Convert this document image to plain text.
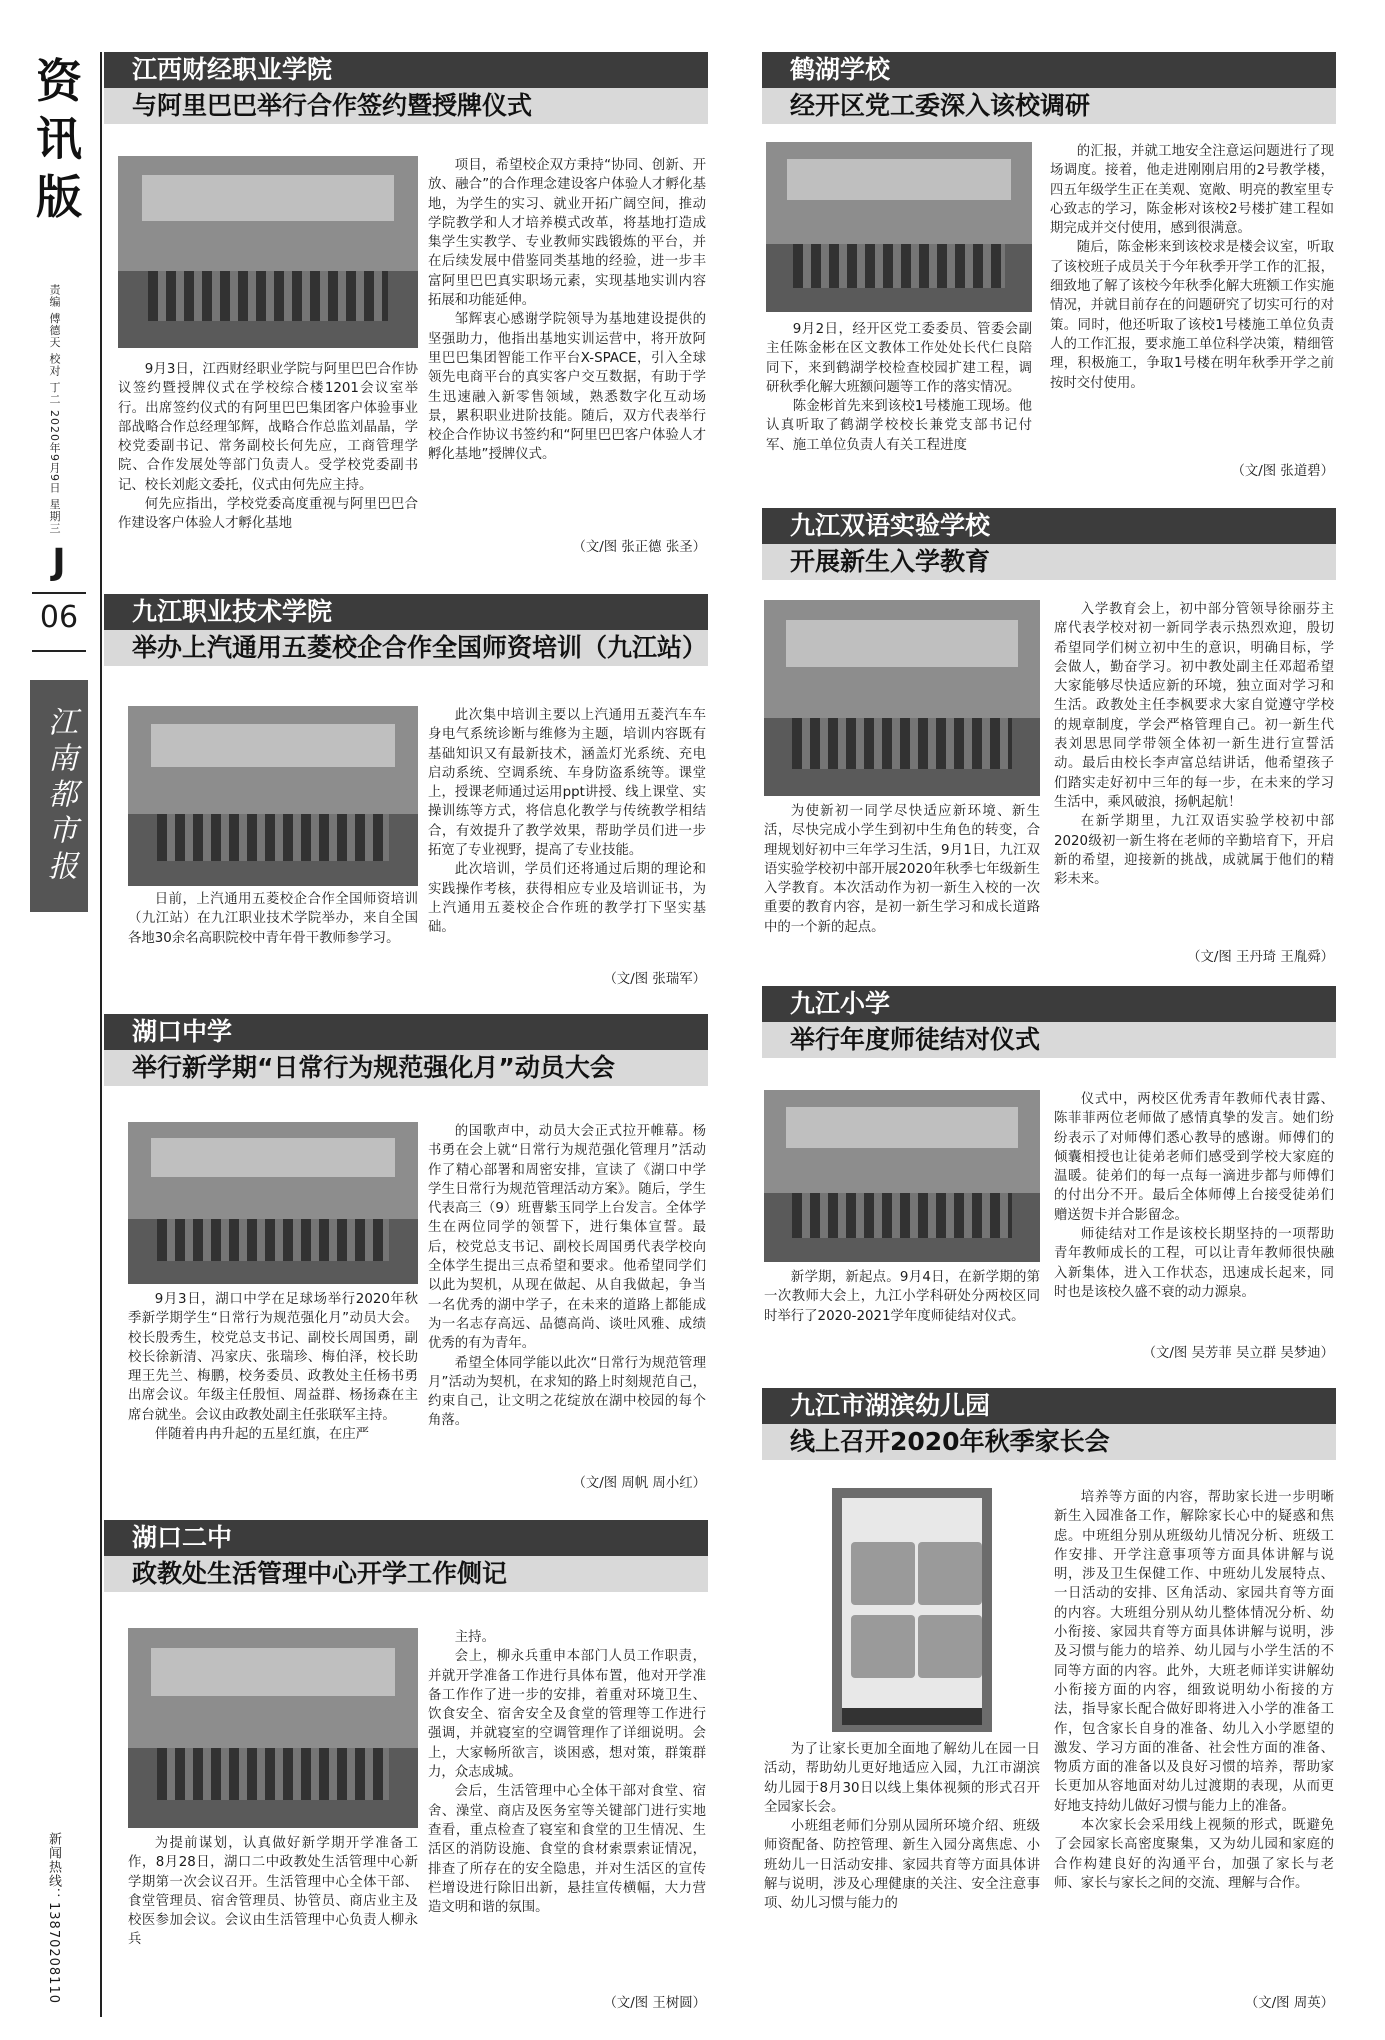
资
讯
版
责编 傅德天 校对 丁二 2020年9月9日 星期三
J
06
江南都市报
新闻热线：13870208110
江西财经职业学院
与阿里巴巴举行合作签约暨授牌仪式

9月3日，江西财经职业学院与阿里巴巴合作协议签约暨授牌仪式在学校综合楼1201会议室举行。出席签约仪式的有阿里巴巴集团客户体验事业部战略合作总经理邹辉，战略合作总监刘晶晶，学校党委副书记、常务副校长何先应，工商管理学院、合作发展处等部门负责人。受学校党委副书记、校长刘彪文委托，仪式由何先应主持。

何先应指出，学校党委高度重视与阿里巴巴合作建设客户体验人才孵化基地

项目，希望校企双方秉持“协同、创新、开放、融合”的合作理念建设客户体验人才孵化基地，为学生的实习、就业开拓广阔空间，推动学院教学和人才培养模式改革，将基地打造成集学生实教学、专业教师实践锻炼的平台，并在后续发展中借鉴同类基地的经验，进一步丰富阿里巴巴真实职场元素，实现基地实训内容拓展和功能延伸。

邹辉衷心感谢学院领导为基地建设提供的坚强助力，他指出基地实训运营中，将开放阿里巴巴集团智能工作平台X-SPACE，引入全球领先电商平台的真实客户交互数据，有助于学生迅速融入新零售领域，熟悉数字化互动场景，累积职业进阶技能。随后，双方代表举行校企合作协议书签约和“阿里巴巴客户体验人才孵化基地”授牌仪式。

（文/图 张正德 张圣）
鹤湖学校
经开区党工委深入该校调研

9月2日，经开区党工委委员、管委会副主任陈金彬在区文教体工作处处长代仁良陪同下，来到鹤湖学校检查校园扩建工程，调研秋季化解大班额问题等工作的落实情况。

陈金彬首先来到该校1号楼施工现场。他认真听取了鹤湖学校校长兼党支部书记付军、施工单位负责人有关工程进度

的汇报，并就工地安全注意运问题进行了现场调度。接着，他走进刚刚启用的2号教学楼，四五年级学生正在美观、宽敞、明亮的教室里专心致志的学习，陈金彬对该校2号楼扩建工程如期完成并交付使用，感到很满意。

随后，陈金彬来到该校求是楼会议室，听取了该校班子成员关于今年秋季开学工作的汇报，细致地了解了该校今年秋季化解大班额工作实施情况，并就目前存在的问题研究了切实可行的对策。同时，他还听取了该校1号楼施工单位负责人的工作汇报，要求施工单位科学决策，精细管理，积极施工，争取1号楼在明年秋季开学之前按时交付使用。

（文/图 张道碧）
九江职业技术学院
举办上汽通用五菱校企合作全国师资培训（九江站）

日前，上汽通用五菱校企合作全国师资培训（九江站）在九江职业技术学院举办，来自全国各地30余名高职院校中青年骨干教师参学习。

此次集中培训主要以上汽通用五菱汽车车身电气系统诊断与维修为主题，培训内容既有基础知识又有最新技术，涵盖灯光系统、充电启动系统、空调系统、车身防盗系统等。课堂上，授课老师通过运用ppt讲授、线上课堂、实操训练等方式，将信息化教学与传统教学相结合，有效提升了教学效果，帮助学员们进一步拓宽了专业视野，提高了专业技能。

此次培训，学员们还将通过后期的理论和实践操作考核，获得相应专业及培训证书，为上汽通用五菱校企合作班的教学打下坚实基础。

（文/图 张瑞军）
九江双语实验学校
开展新生入学教育

为使新初一同学尽快适应新环境、新生活，尽快完成小学生到初中生角色的转变，合理规划好初中三年学习生活，9月1日，九江双语实验学校初中部开展2020年秋季七年级新生入学教育。本次活动作为初一新生入校的一次重要的教育内容，是初一新生学习和成长道路中的一个新的起点。

入学教育会上，初中部分管领导徐丽芬主席代表学校对初一新同学表示热烈欢迎，殷切希望同学们树立初中生的意识，明确目标，学会做人，勤奋学习。初中教处副主任邓超希望大家能够尽快适应新的环境，独立面对学习和生活。政教处主任李枫要求大家自觉遵守学校的规章制度，学会严格管理自己。初一新生代表刘思思同学带领全体初一新生进行宣誓活动。最后由校长李声富总结讲话，他希望孩子们踏实走好初中三年的每一步，在未来的学习生活中，乘风破浪，扬帆起航！

在新学期里，九江双语实验学校初中部2020级初一新生将在老师的辛勤培育下，开启新的希望，迎接新的挑战，成就属于他们的精彩未来。

（文/图 王丹琦 王胤舜）
湖口中学
举行新学期“日常行为规范强化月”动员大会

9月3日，湖口中学在足球场举行2020年秋季新学期学生“日常行为规范强化月”动员大会。校长殷秀生，校党总支书记、副校长周国勇，副校长徐新清、冯家庆、张瑞珍、梅伯泽，校长助理王先兰、梅鹏，校务委员、政教处主任杨书勇出席会议。年级主任殷恒、周益群、杨扬森在主席台就坐。会议由政教处副主任张联军主持。

伴随着冉冉升起的五星红旗，在庄严

的国歌声中，动员大会正式拉开帷幕。杨书勇在会上就“日常行为规范强化管理月”活动作了精心部署和周密安排，宣读了《湖口中学学生日常行为规范管理活动方案》。随后，学生代表高三（9）班曹紫玉同学上台发言。全体学生在两位同学的领誓下，进行集体宣誓。最后，校党总支书记、副校长周国勇代表学校向全体学生提出三点希望和要求。他希望同学们以此为契机，从现在做起、从自我做起，争当一名优秀的湖中学子，在未来的道路上都能成为一名志存高远、品德高尚、谈吐风雅、成绩优秀的有为青年。

希望全体同学能以此次“日常行为规范管理月”活动为契机，在求知的路上时刻规范自己，约束自己，让文明之花绽放在湖中校园的每个角落。

（文/图 周帆 周小红）
九江小学
举行年度师徒结对仪式

新学期，新起点。9月4日，在新学期的第一次教师大会上，九江小学科研处分两校区同时举行了2020-2021学年度师徒结对仪式。

仪式中，两校区优秀青年教师代表甘露、陈菲菲两位老师做了感情真挚的发言。她们纷纷表示了对师傅们悉心教导的感谢。师傅们的倾囊相授也让徒弟老师们感受到学校大家庭的温暖。徒弟们的每一点每一滴进步都与师傅们的付出分不开。最后全体师傅上台接受徒弟们赠送贺卡并合影留念。

师徒结对工作是该校长期坚持的一项帮助青年教师成长的工程，可以让青年教师很快融入新集体，进入工作状态，迅速成长起来，同时也是该校久盛不衰的动力源泉。

（文/图 吴芳菲 吴立群 吴梦迪）
湖口二中
政教处生活管理中心开学工作侧记

为提前谋划，认真做好新学期开学准备工作，8月28日，湖口二中政教处生活管理中心新学期第一次会议召开。生活管理中心全体干部、食堂管理员、宿舍管理员、协管员、商店业主及校医参加会议。会议由生活管理中心负责人柳永兵

主持。

会上，柳永兵重申本部门人员工作职责，并就开学准备工作进行具体布置，他对开学准备工作作了进一步的安排，着重对环境卫生、饮食安全、宿舍安全及食堂的管理等工作进行强调，并就寝室的空调管理作了详细说明。会上，大家畅所欲言，谈困惑，想对策，群策群力，众志成城。

会后，生活管理中心全体干部对食堂、宿舍、澡堂、商店及医务室等关键部门进行实地查看，重点检查了寝室和食堂的卫生情况、生活区的消防设施、食堂的食材索票索证情况，排查了所存在的安全隐患，并对生活区的宣传栏增设进行除旧出新，悬挂宣传横幅，大力营造文明和谐的氛围。

（文/图 王树圆）
九江市湖滨幼儿园
线上召开2020年秋季家长会

为了让家长更加全面地了解幼儿在园一日活动，帮助幼儿更好地适应入园，九江市湖滨幼儿园于8月30日以线上集体视频的形式召开全园家长会。

小班组老师们分别从园所环境介绍、班级师资配备、防控管理、新生入园分离焦虑、小班幼儿一日活动安排、家园共育等方面具体讲解与说明，涉及心理健康的关注、安全注意事项、幼儿习惯与能力的

培养等方面的内容，帮助家长进一步明晰新生入园准备工作，解除家长心中的疑惑和焦虑。中班组分别从班级幼儿情况分析、班级工作安排、开学注意事项等方面具体讲解与说明，涉及卫生保健工作、中班幼儿发展特点、一日活动的安排、区角活动、家园共育等方面的内容。大班组分别从幼儿整体情况分析、幼小衔接、家园共育等方面具体讲解与说明，涉及习惯与能力的培养、幼儿园与小学生活的不同等方面的内容。此外，大班老师详实讲解幼小衔接方面的内容，细致说明幼小衔接的方法，指导家长配合做好即将进入小学的准备工作，包含家长自身的准备、幼儿入小学愿望的激发、学习方面的准备、社会性方面的准备、物质方面的准备以及良好习惯的培养，帮助家长更加从容地面对幼儿过渡期的表现，从而更好地支持幼儿做好习惯与能力上的准备。

本次家长会采用线上视频的形式，既避免了会园家长高密度聚集，又为幼儿园和家庭的合作构建良好的沟通平台，加强了家长与老师、家长与家长之间的交流、理解与合作。

（文/图 周英）
